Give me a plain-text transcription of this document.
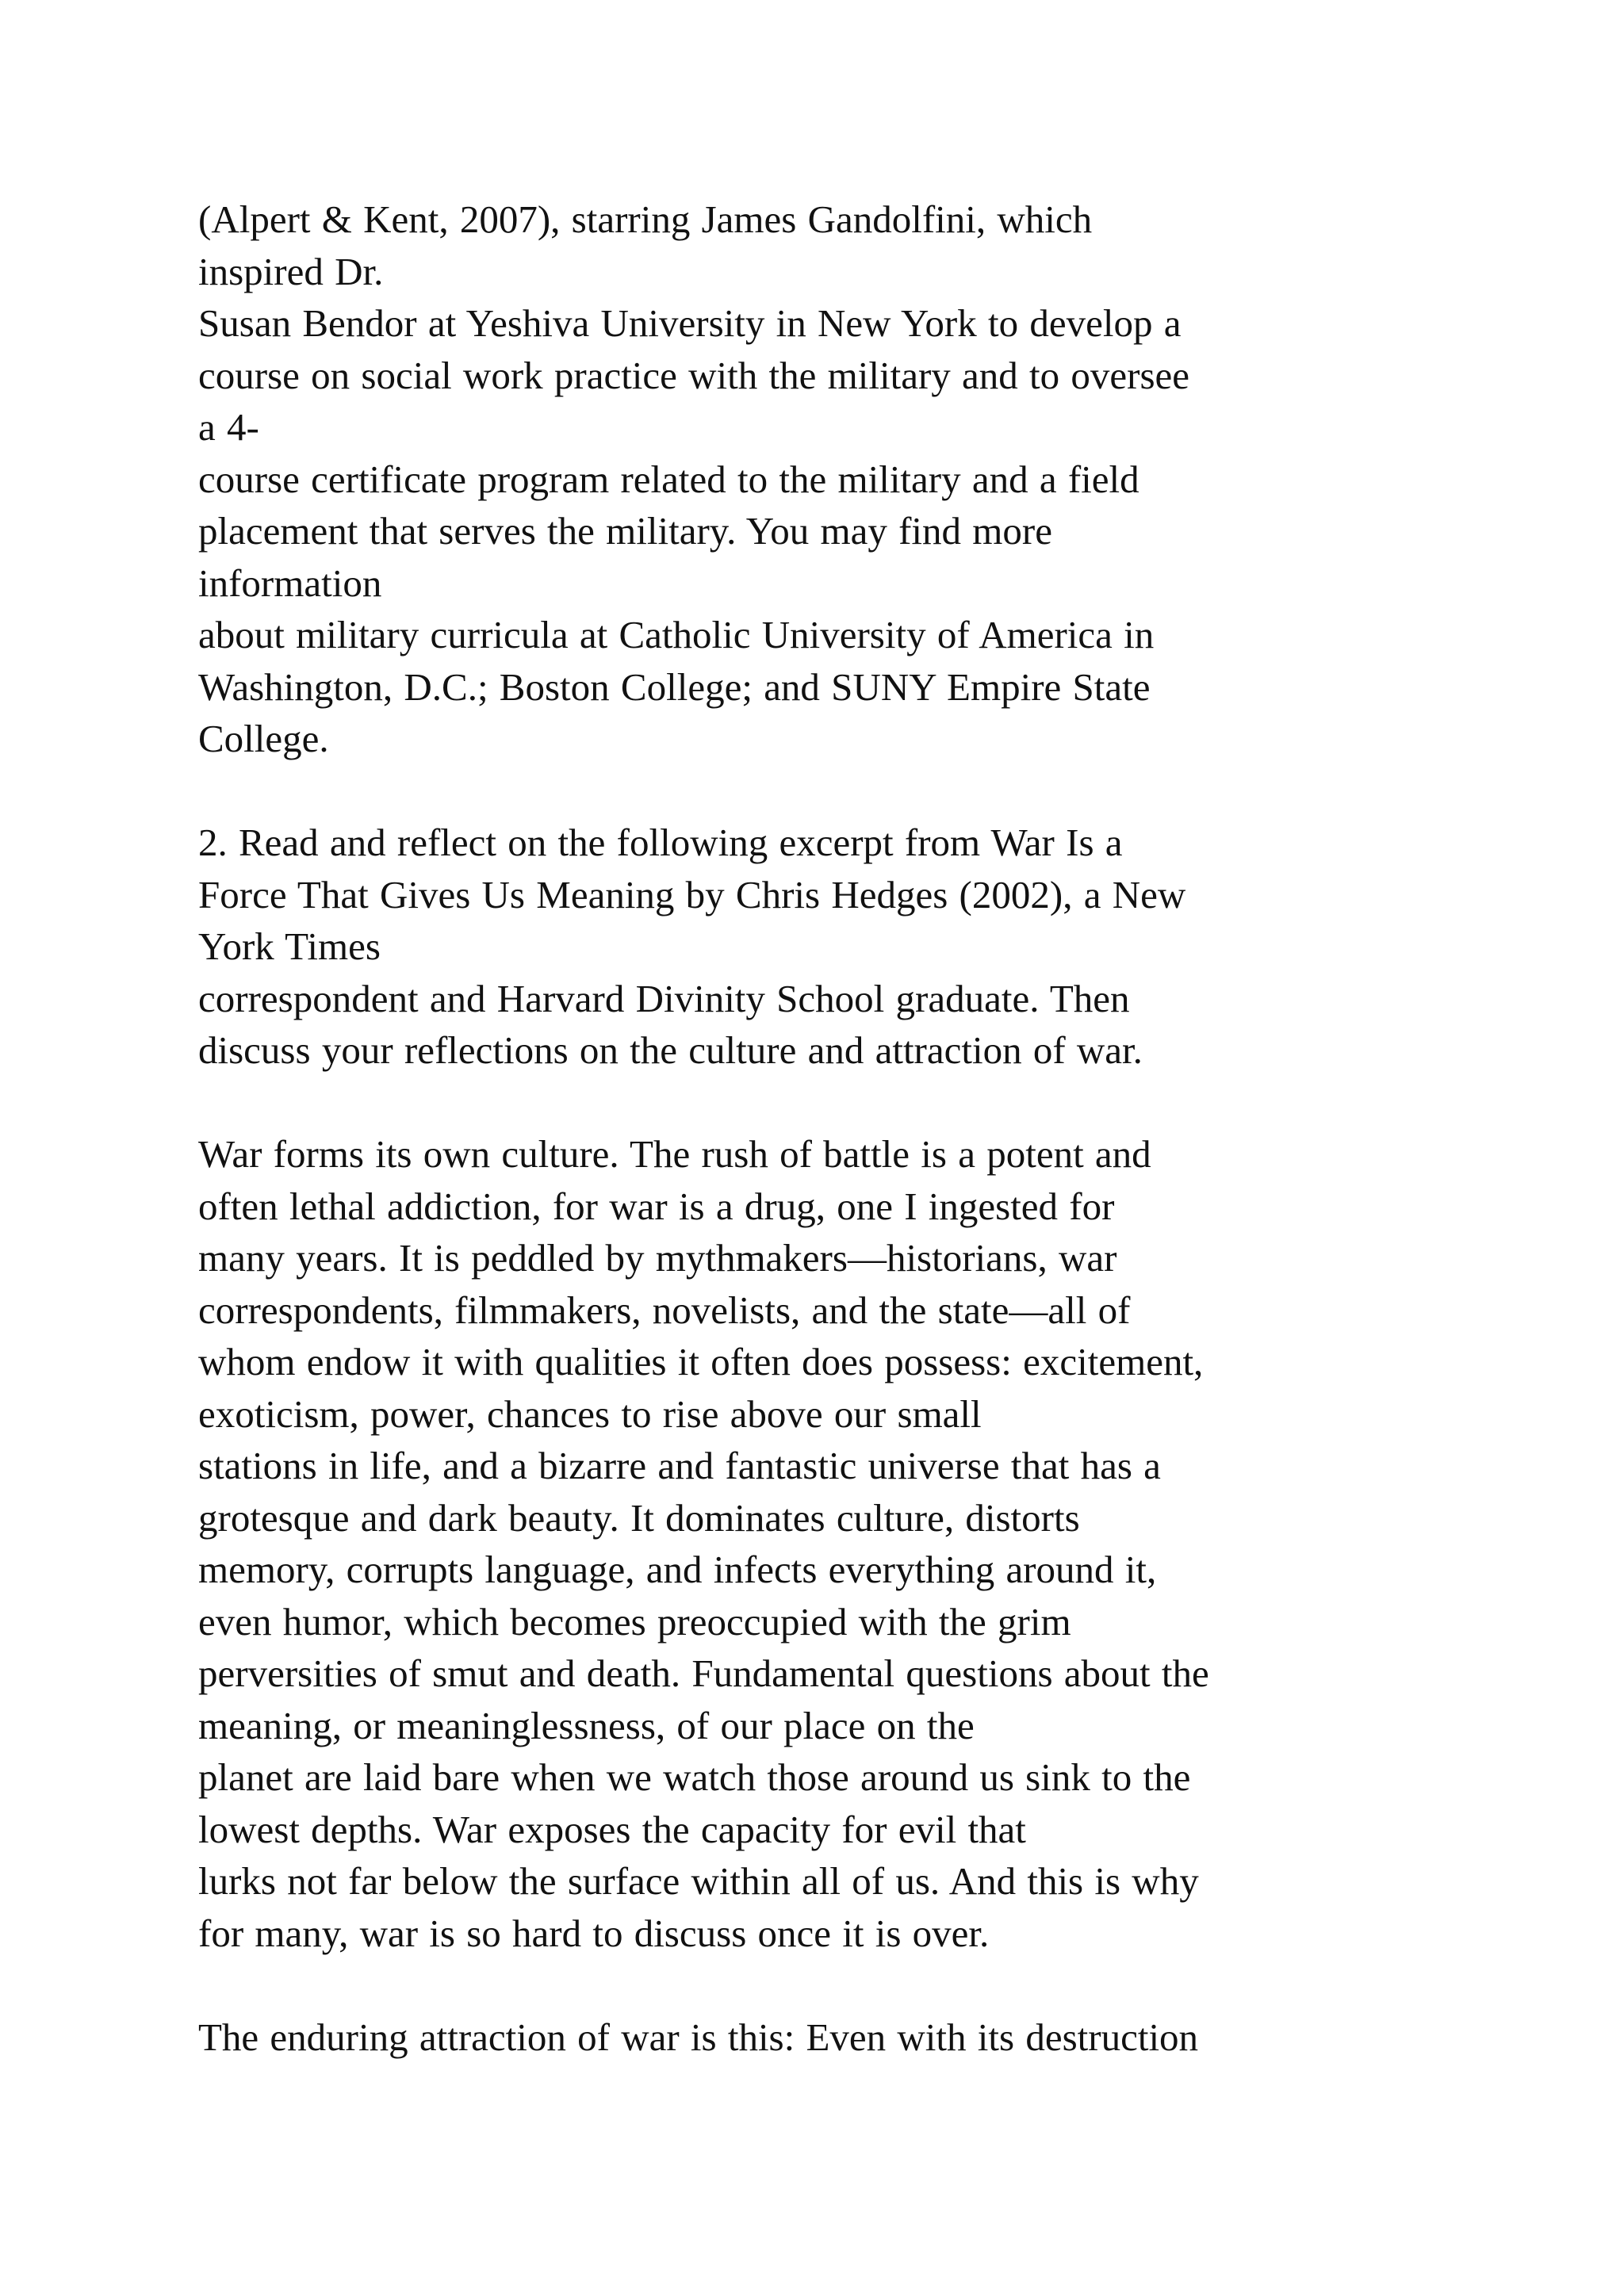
(Alpert & Kent, 2007), starring James Gandolfini, which
inspired Dr.
Susan Bendor at Yeshiva University in New York to develop a
course on social work practice with the military and to oversee
a 4-
course certificate program related to the military and a field
placement that serves the military. You may find more
information
about military curricula at Catholic University of America in
Washington, D.C.; Boston College; and SUNY Empire State
College.
2. Read and reflect on the following excerpt from War Is a
Force That Gives Us Meaning by Chris Hedges (2002), a New
York Times
correspondent and Harvard Divinity School graduate. Then
discuss your reflections on the culture and attraction of war.
War forms its own culture. The rush of battle is a potent and
often lethal addiction, for war is a drug, one I ingested for
many years. It is peddled by mythmakers—historians, war
correspondents, filmmakers, novelists, and the state—all of
whom endow it with qualities it often does possess: excitement,
exoticism, power, chances to rise above our small
stations in life, and a bizarre and fantastic universe that has a
grotesque and dark beauty. It dominates culture, distorts
memory, corrupts language, and infects everything around it,
even humor, which becomes preoccupied with the grim
perversities of smut and death. Fundamental questions about the
meaning, or meaninglessness, of our place on the
planet are laid bare when we watch those around us sink to the
lowest depths. War exposes the capacity for evil that
lurks not far below the surface within all of us. And this is why
for many, war is so hard to discuss once it is over.
The enduring attraction of war is this: Even with its destruction
